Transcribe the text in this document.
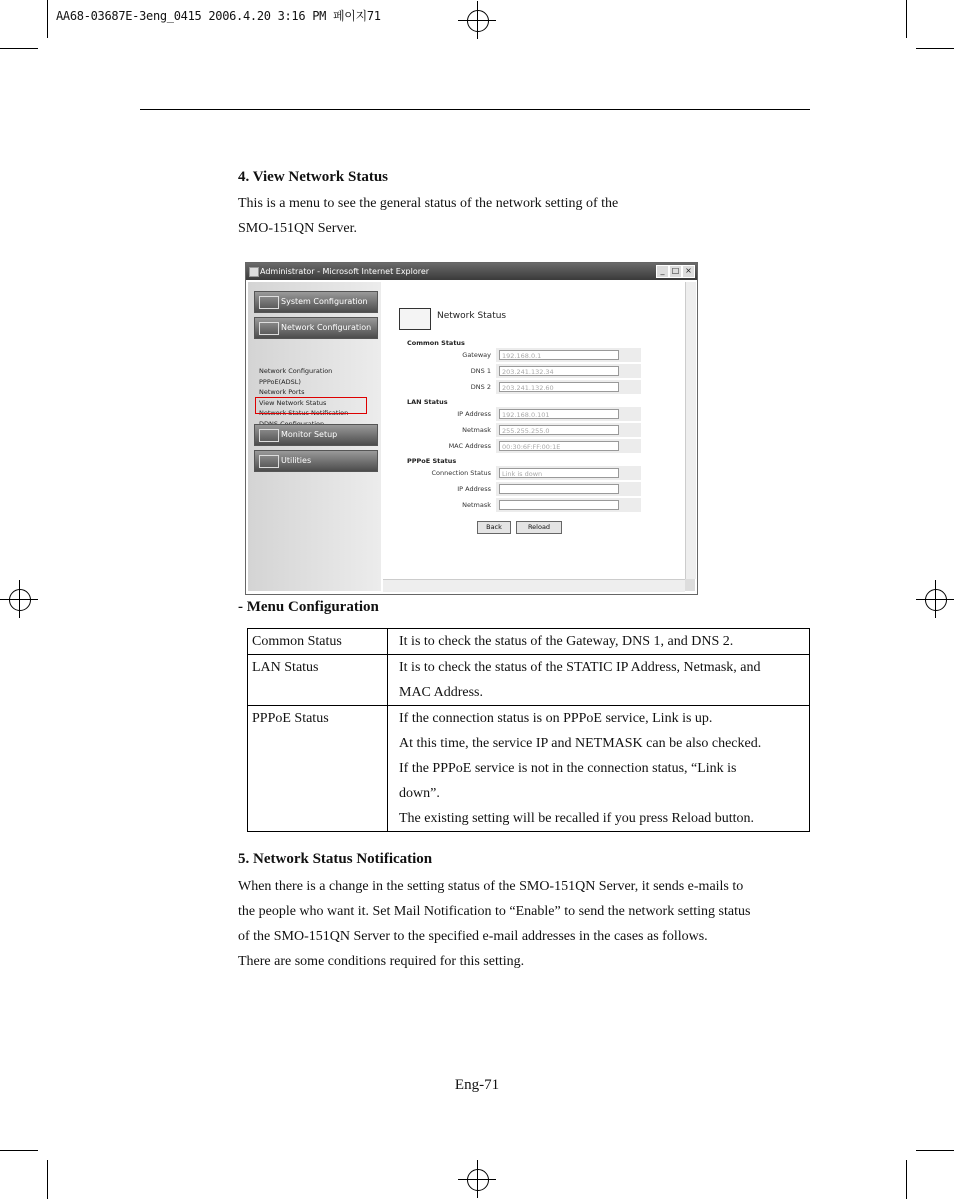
AA68-03687E-3eng_0415 2006.4.20 3:16 PM 페이지71
4. View Network Status

This is a menu to see the general status of the network setting of the

SMO-151QN Server.

Administrator - Microsoft Internet Explorer	_ □ ×
System Configuration
Network Configuration
Network Configuration
PPPoE(ADSL)
Network Ports
View Network Status
Network Status Notification
Monitor Setup
Utilities
Network Status
Common Status
Gateway	192.168.0.1
DNS 1	203.241.132.34
DNS 2	203.241.132.60
LAN Status
IP Address	192.168.0.101
Netmask	255.255.255.0
MAC Address	00:30:6F:FF:00:1E
PPPoE Status
Connection Status	Link is down
IP Address
Netmask
Back	Reload
- Menu Configuration
Common Status	It is to check the status of the Gateway, DNS 1, and DNS 2.

LAN Status	It is to check the status of the STATIC IP Address, Netmask, and

MAC Address.

PPPoE Status	If the connection status is on PPPoE service, Link is up.

At this time, the service IP and NETMASK can be also checked.

If the PPPoE service is not in the connection status, “Link is

down”.

The existing setting will be recalled if you press Reload button.

5. Network Status Notification

When there is a change in the setting status of the SMO-151QN Server, it sends e-mails to

the people who want it. Set Mail Notification to “Enable” to send the network setting status

of the SMO-151QN Server to the specified e-mail addresses in the cases as follows.

There are some conditions required for this setting.

Eng-71
